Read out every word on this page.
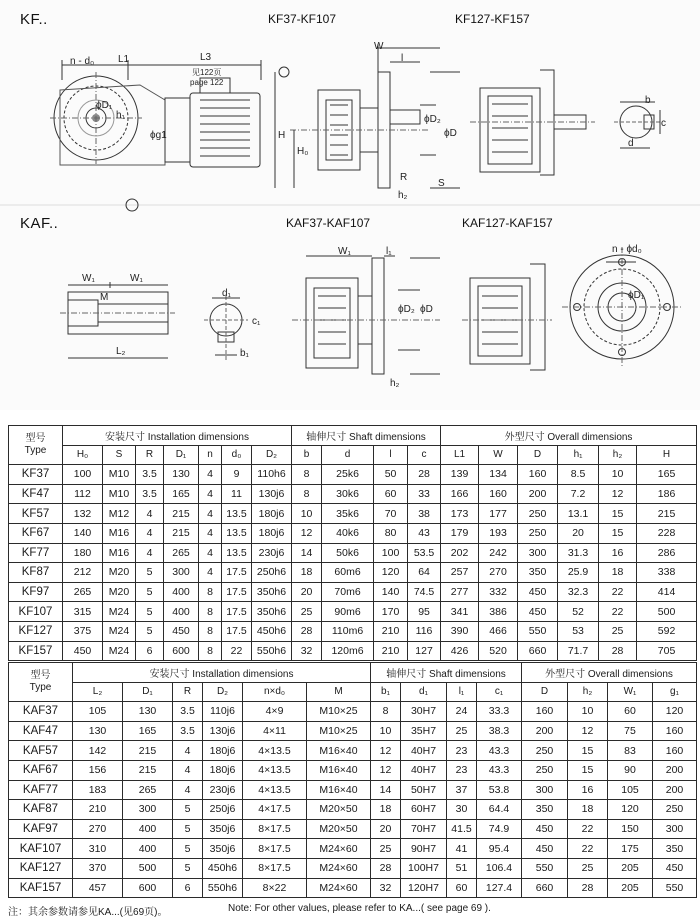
KF..
KAF..
KF37-KF107	KF127-KF157
KAF37-KAF107	KAF127-KAF157
n - d₀ L1	L3
见122页
page 122
ϕD₁
h₁
ϕg1
W
l
H
H₀
ϕD₂
ϕD
R
S
h₂
b
c
d
W₁	W₁
M
L₂
d₁
c₁
b₁
W₁	l₁
ϕD₂ ϕD
h₂
n - ϕd₀
ϕD₁
型号
Type	安装尺寸 Installation dimensions							轴伸尺寸 Shaft dimensions				外型尺寸 Overall dimensions					
	H₀	S	R	D₁	n	d₀	D₂	b	d	l	c	L1	W	D	h₁	h₂	H
KF37	100	M10	3.5	130	4	9	110h6	8	25k6	50	28	139	134	160	8.5	10	165
KF47	112	M10	3.5	165	4	11	130j6	8	30k6	60	33	166	160	200	7.2	12	186
KF57	132	M12	4	215	4	13.5	180j6	10	35k6	70	38	173	177	250	13.1	15	215
KF67	140	M16	4	215	4	13.5	180j6	12	40k6	80	43	179	193	250	20	15	228
KF77	180	M16	4	265	4	13.5	230j6	14	50k6	100	53.5	202	242	300	31.3	16	286
KF87	212	M20	5	300	4	17.5	250h6	18	60m6	120	64	257	270	350	25.9	18	338
KF97	265	M20	5	400	8	17.5	350h6	20	70m6	140	74.5	277	332	450	32.3	22	414
KF107	315	M24	5	400	8	17.5	350h6	25	90m6	170	95	341	386	450	52	22	500
KF127	375	M24	5	450	8	17.5	450h6	28	110m6	210	116	390	466	550	53	25	592
KF157	450	M24	6	600	8	22	550h6	32	120m6	210	127	426	520	660	71.7	28	705
型号
Type	安装尺寸 Installation dimensions						轴伸尺寸 Shaft dimensions				外型尺寸 Overall dimensions			
	L₂	D₁	R	D₂	n×d₀	M	b₁	d₁	l₁	c₁	D	h₂	W₁	g₁
KAF37	105	130	3.5	110j6	4×9	M10×25	8	30H7	24	33.3	160	10	60	120
KAF47	130	165	3.5	130j6	4×11	M10×25	10	35H7	25	38.3	200	12	75	160
KAF57	142	215	4	180j6	4×13.5	M16×40	12	40H7	23	43.3	250	15	83	160
KAF67	156	215	4	180j6	4×13.5	M16×40	12	40H7	23	43.3	250	15	90	200
KAF77	183	265	4	230j6	4×13.5	M16×40	14	50H7	37	53.8	300	16	105	200
KAF87	210	300	5	250j6	4×17.5	M20×50	18	60H7	30	64.4	350	18	120	250
KAF97	270	400	5	350j6	8×17.5	M20×50	20	70H7	41.5	74.9	450	22	150	300
KAF107	310	400	5	350j6	8×17.5	M24×60	25	90H7	41	95.4	450	22	175	350
KAF127	370	500	5	450h6	8×17.5	M24×60	28	100H7	51	106.4	550	25	205	450
KAF157	457	600	6	550h6	8×22	M24×60	32	120H7	60	127.4	660	28	205	550
注：其余参数请参见KA...(见69页)。	Note: For other values, please refer to KA...( see page 69 ).
